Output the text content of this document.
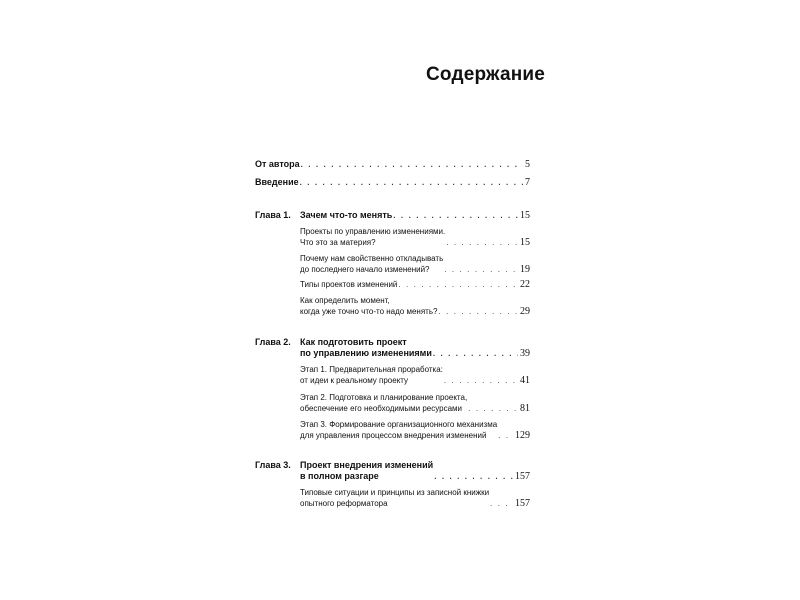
Содержание
От автора . . .	5
Введение . . .	7
Глава 1.	Зачем что-то менять . . .	15
Проекты по управлению изменениями.
Что это за материя? . . .	15
Почему нам свойственно откладывать
до последнего начало изменений? . . .	19
Типы проектов изменений . . .	22
Как определить момент,
когда уже точно что-то надо менять? . . .	29
Глава 2.	Как подготовить проект
по управлению изменениями . . .	39
Этап 1. Предварительная проработка:
от идеи к реальному проекту . . .	41
Этап 2. Подготовка и планирование проекта,
обеспечение его необходимыми ресурсами . . .	81
Этап 3. Формирование организационного механизма
для управления процессом внедрения изменений . . .	129
Глава 3.	Проект внедрения изменений
в полном разгаре . . .	157
Типовые ситуации и принципы из записной книжки
опытного реформатора . . .	157
